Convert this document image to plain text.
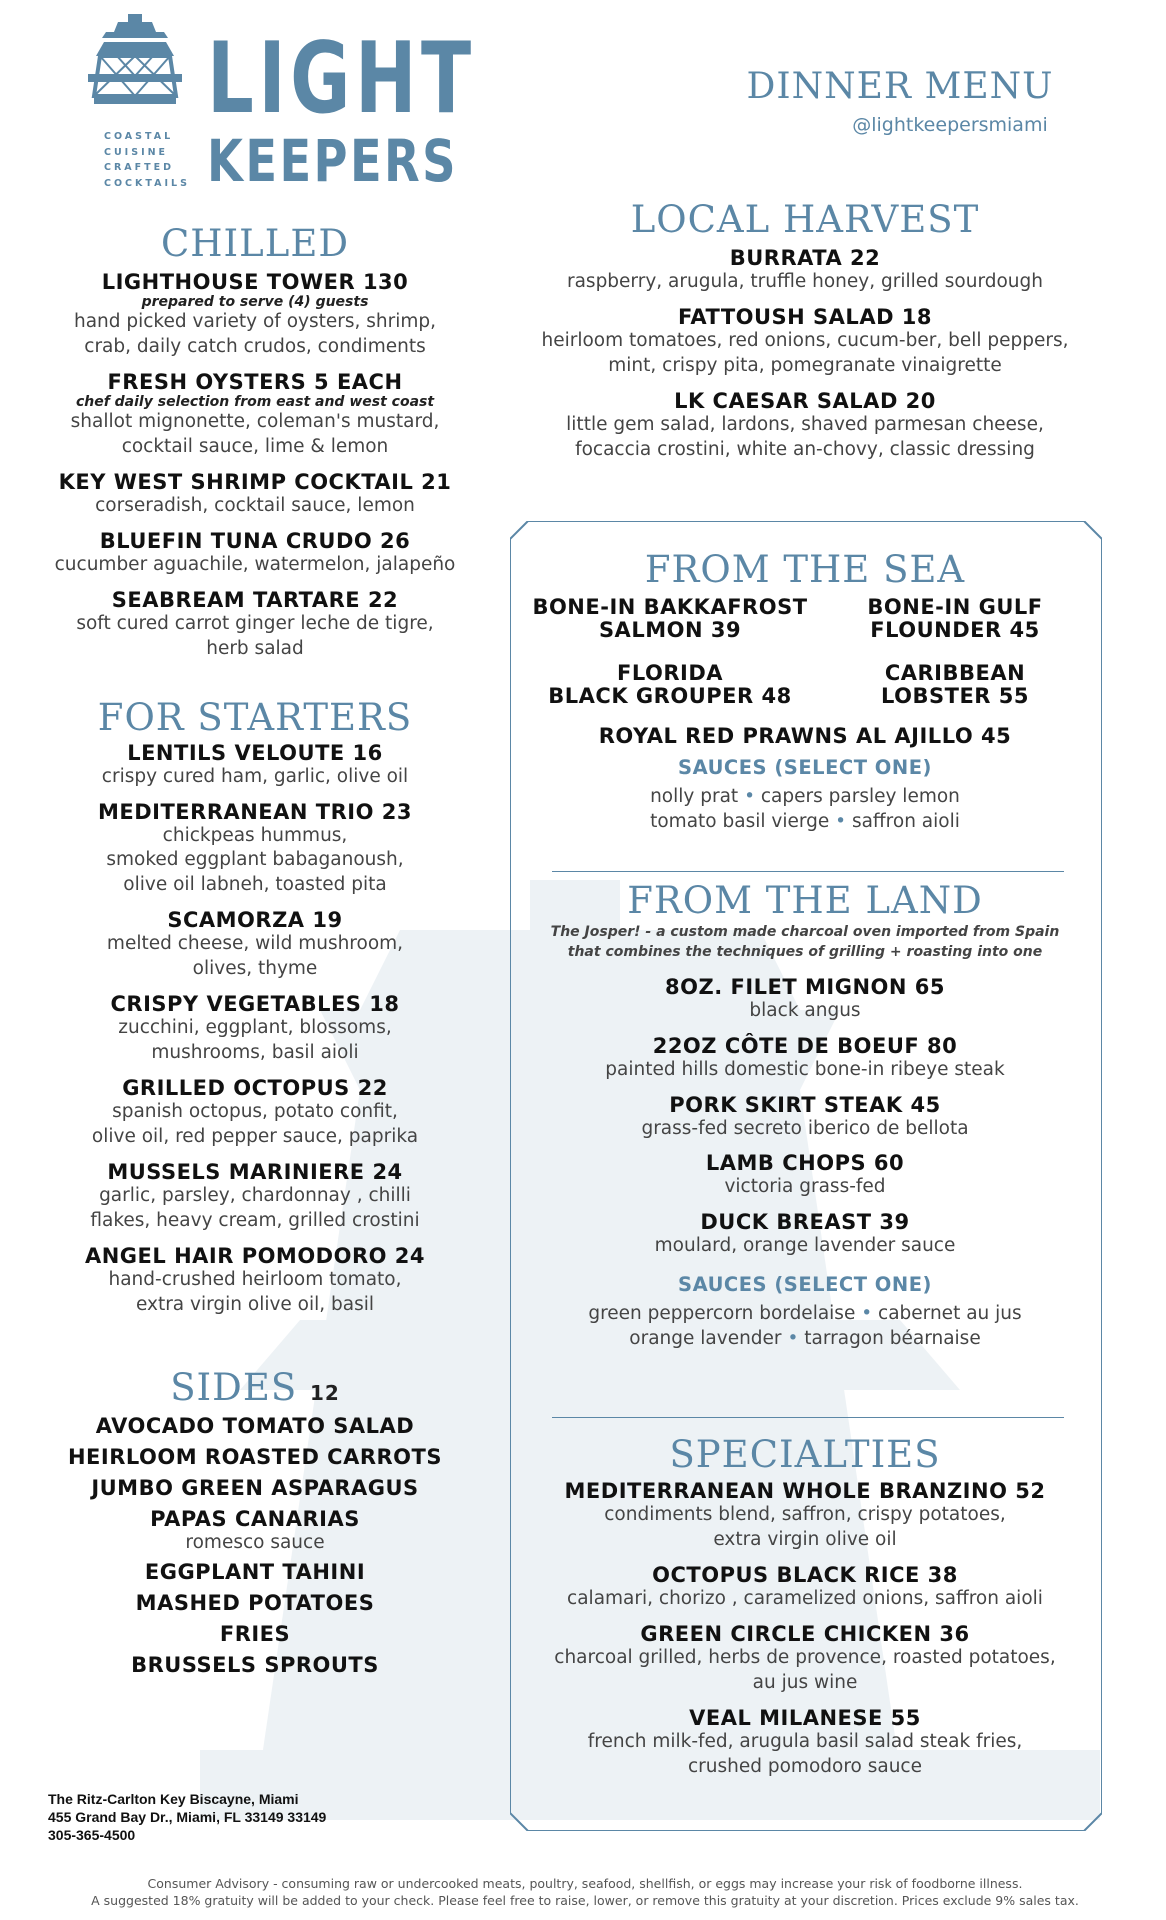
LIGHT
KEEPERS
COASTAL
CUISINE
CRAFTED
COCKTAILS
DINNER MENU
@lightkeepersmiami
CHILLED
LIGHTHOUSE TOWER 130
prepared to serve (4) guests
hand picked variety of oysters, shrimp,
crab, daily catch crudos, condiments
FRESH OYSTERS 5 EACH
chef daily selection from east and west coast
shallot mignonette, coleman's mustard,
cocktail sauce, lime & lemon
KEY WEST SHRIMP COCKTAIL 21
corseradish, cocktail sauce, lemon
BLUEFIN TUNA CRUDO 26
cucumber aguachile, watermelon, jalapeño
SEABREAM TARTARE 22
soft cured carrot ginger leche de tigre,
herb salad
FOR STARTERS
LENTILS VELOUTE 16
crispy cured ham, garlic, olive oil
MEDITERRANEAN TRIO 23
chickpeas hummus,
smoked eggplant babaganoush,
olive oil labneh, toasted pita
SCAMORZA 19
melted cheese, wild mushroom,
olives, thyme
CRISPY VEGETABLES 18
zucchini, eggplant, blossoms,
mushrooms, basil aioli
GRILLED OCTOPUS 22
spanish octopus, potato confit,
olive oil, red pepper sauce, paprika
MUSSELS MARINIERE 24
garlic, parsley, chardonnay , chilli
flakes, heavy cream, grilled crostini
ANGEL HAIR POMODORO 24
hand-crushed heirloom tomato,
extra virgin olive oil, basil
SIDES 12
AVOCADO TOMATO SALAD
HEIRLOOM ROASTED CARROTS
JUMBO GREEN ASPARAGUS
PAPAS CANARIAS
romesco sauce
EGGPLANT TAHINI
MASHED POTATOES
FRIES
BRUSSELS SPROUTS
LOCAL HARVEST
BURRATA 22
raspberry, arugula, truffle honey, grilled sourdough
FATTOUSH SALAD 18
heirloom tomatoes, red onions, cucum-ber, bell peppers,
mint, crispy pita, pomegranate vinaigrette
LK CAESAR SALAD 20
little gem salad, lardons, shaved parmesan cheese,
focaccia crostini, white an-chovy, classic dressing
FROM THE SEA
BONE-IN BAKKAFROST
SALMON 39
BONE-IN GULF
FLOUNDER 45
FLORIDA
BLACK GROUPER 48
CARIBBEAN
LOBSTER 55
ROYAL RED PRAWNS AL AJILLO 45
SAUCES (SELECT ONE)
nolly prat • capers parsley lemon
tomato basil vierge • saffron aioli
FROM THE LAND
The Josper! - a custom made charcoal oven imported from Spain
that combines the techniques of grilling + roasting into one
8OZ. FILET MIGNON 65
black angus
22OZ CÔTE DE BOEUF 80
painted hills domestic bone-in ribeye steak
PORK SKIRT STEAK 45
grass-fed secreto iberico de bellota
LAMB CHOPS 60
victoria grass-fed
DUCK BREAST 39
moulard, orange lavender sauce
SAUCES (SELECT ONE)
green peppercorn bordelaise • cabernet au jus
orange lavender • tarragon béarnaise
SPECIALTIES
MEDITERRANEAN WHOLE BRANZINO 52
condiments blend, saffron, crispy potatoes,
extra virgin olive oil
OCTOPUS BLACK RICE 38
calamari, chorizo , caramelized onions, saffron aioli
GREEN CIRCLE CHICKEN 36
charcoal grilled, herbs de provence, roasted potatoes,
au jus wine
VEAL MILANESE 55
french milk-fed, arugula basil salad steak fries,
crushed pomodoro sauce
The Ritz-Carlton Key Biscayne, Miami
455 Grand Bay Dr., Miami, FL 33149 33149
305-365-4500
Consumer Advisory - consuming raw or undercooked meats, poultry, seafood, shellfish, or eggs may increase your risk of foodborne illness.
A suggested 18% gratuity will be added to your check. Please feel free to raise, lower, or remove this gratuity at your discretion. Prices exclude 9% sales tax.
